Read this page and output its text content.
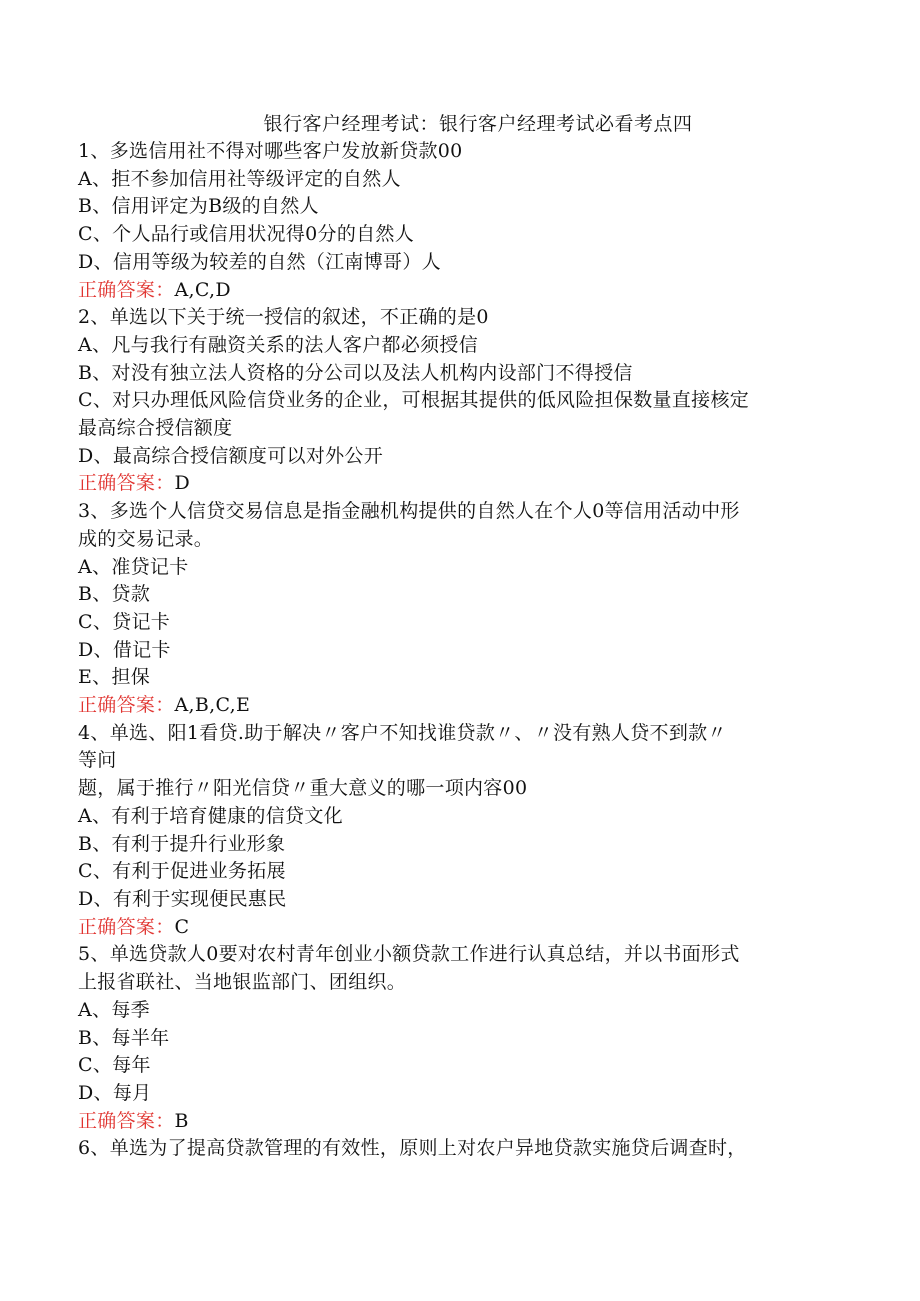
银行客户经理考试：银行客户经理考试必看考点四
1、多选信用社不得对哪些客户发放新贷款00
A、拒不参加信用社等级评定的自然人
B、信用评定为B级的自然人
C、个人品行或信用状况得0分的自然人
D、信用等级为较差的自然（江南博哥）人
正确答案：A,C,D
2、单选以下关于统一授信的叙述，不正确的是0
A、凡与我行有融资关系的法人客户都必须授信
B、对没有独立法人资格的分公司以及法人机构内设部门不得授信
C、对只办理低风险信贷业务的企业，可根据其提供的低风险担保数量直接核定
最高综合授信额度
D、最高综合授信额度可以对外公开
正确答案：D
3、多选个人信贷交易信息是指金融机构提供的自然人在个人0等信用活动中形
成的交易记录。
A、准贷记卡
B、贷款
C、贷记卡
D、借记卡
E、担保
正确答案：A,B,C,E
4、单选、阳1看贷.助于解决〃客户不知找谁贷款〃、〃没有熟人贷不到款〃
等问
题，属于推行〃阳光信贷〃重大意义的哪一项内容00
A、有利于培育健康的信贷文化
B、有利于提升行业形象
C、有利于促进业务拓展
D、有利于实现便民惠民
正确答案：C
5、单选贷款人0要对农村青年创业小额贷款工作进行认真总结，并以书面形式
上报省联社、当地银监部门、团组织。
A、每季
B、每半年
C、每年
D、每月
正确答案：B
6、单选为了提高贷款管理的有效性，原则上对农户异地贷款实施贷后调查时，
